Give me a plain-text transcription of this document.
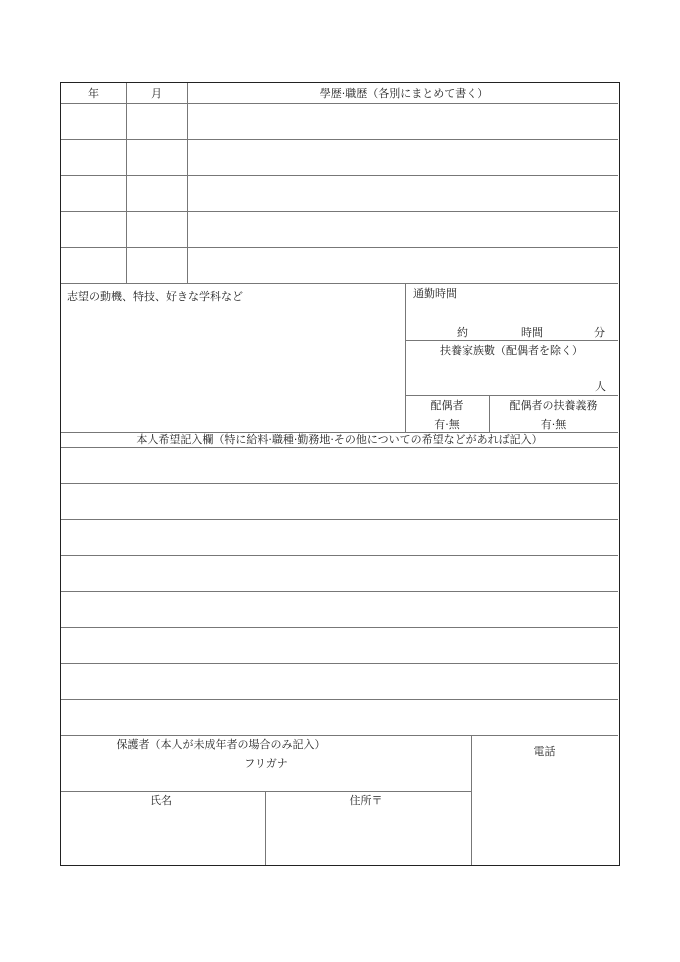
年	月	學歴·職歴（各別にまとめて書く）
志望の動機、特技、好きな学科など	通勤時間
約	時間	分
扶養家族數（配偶者を除く）
人
配偶者	配偶者の扶養義務
有·無	有·無
本人希望記入欄（特に給料·職種·勤務地·その他についての希望などがあれば記入）
保護者（本人が未成年者の場合のみ記入）
フリガナ
電話
氏名	住所〒
